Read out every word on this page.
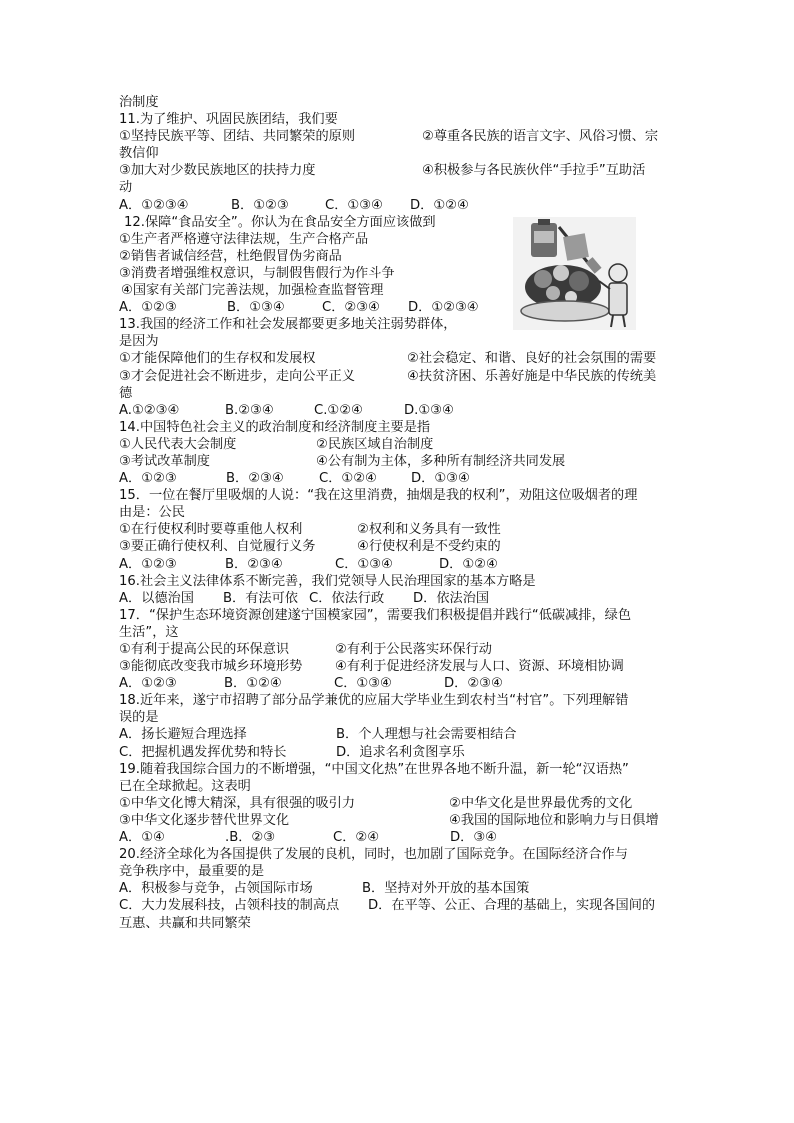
治制度
11.为了维护、巩固民族团结，我们要
①坚持民族平等、团结、共同繁荣的原则	②尊重各民族的语言文字、风俗习惯、宗
教信仰
③加大对少数民族地区的扶持力度	④积极参与各民族伙伴“手拉手”互助活
动
A．①②③④	B．①②③	C．①③④	D．①②④
12.保障“食品安全”。你认为在食品安全方面应该做到
①生产者严格遵守法律法规，生产合格产品
②销售者诚信经营，杜绝假冒伪劣商品
③消费者增强维权意识，与制假售假行为作斗争
④国家有关部门完善法规，加强检查监督管理
A．①②③	B．①③④	C．②③④	D．①②③④
13.我国的经济工作和社会发展都要更多地关注弱势群体，
是因为
①才能保障他们的生存权和发展权	②社会稳定、和谐、良好的社会氛围的需要
③才会促进社会不断进步，走向公平正义	④扶贫济困、乐善好施是中华民族的传统美
德
A.①②③④	B.②③④	C.①②④	D.①③④
14.中国特色社会主义的政治制度和经济制度主要是指
①人民代表大会制度	②民族区域自治制度
③考试改革制度	④公有制为主体，多种所有制经济共同发展
A．①②③	B．②③④	C．①②④	D．①③④
15．一位在餐厅里吸烟的人说：“我在这里消费，抽烟是我的权利”，劝阻这位吸烟者的理
由是：公民
①在行使权利时要尊重他人权利	②权利和义务具有一致性
③要正确行使权利、自觉履行义务	④行使权利是不受约束的
A．①②③	B．②③④	C．①③④	D．①②④
16.社会主义法律体系不断完善，我们党领导人民治理国家的基本方略是
A．以德治国	B．有法可依 C．依法行政	D．依法治国
17．“保护生态环境资源创建遂宁国模家园”，需要我们积极提倡并践行“低碳减排，绿色
生活”，这
①有利于提高公民的环保意识	②有利于公民落实环保行动
③能彻底改变我市城乡环境形势	④有利于促进经济发展与人口、资源、环境相协调
A．①②③	B．①②④	C．①③④	D．②③④
18.近年来，遂宁市招聘了部分品学兼优的应届大学毕业生到农村当“村官”。下列理解错
误的是
A．扬长避短合理选择	B．个人理想与社会需要相结合
C．把握机遇发挥优势和特长	D．追求名利贪图享乐
19.随着我国综合国力的不断增强，“中国文化热”在世界各地不断升温，新一轮“汉语热”
已在全球掀起。这表明
①中华文化博大精深，具有很强的吸引力	②中华文化是世界最优秀的文化
③中华文化逐步替代世界文化	④我国的国际地位和影响力与日俱增
A．①④	.B．②③	C．②④	D．③④
20.经济全球化为各国提供了发展的良机，同时，也加剧了国际竞争。在国际经济合作与
竞争秩序中，最重要的是
A．积极参与竞争，占领国际市场	B．坚持对外开放的基本国策
C．大力发展科技，占领科技的制高点	D．在平等、公正、合理的基础上，实现各国间的
互惠、共赢和共同繁荣
